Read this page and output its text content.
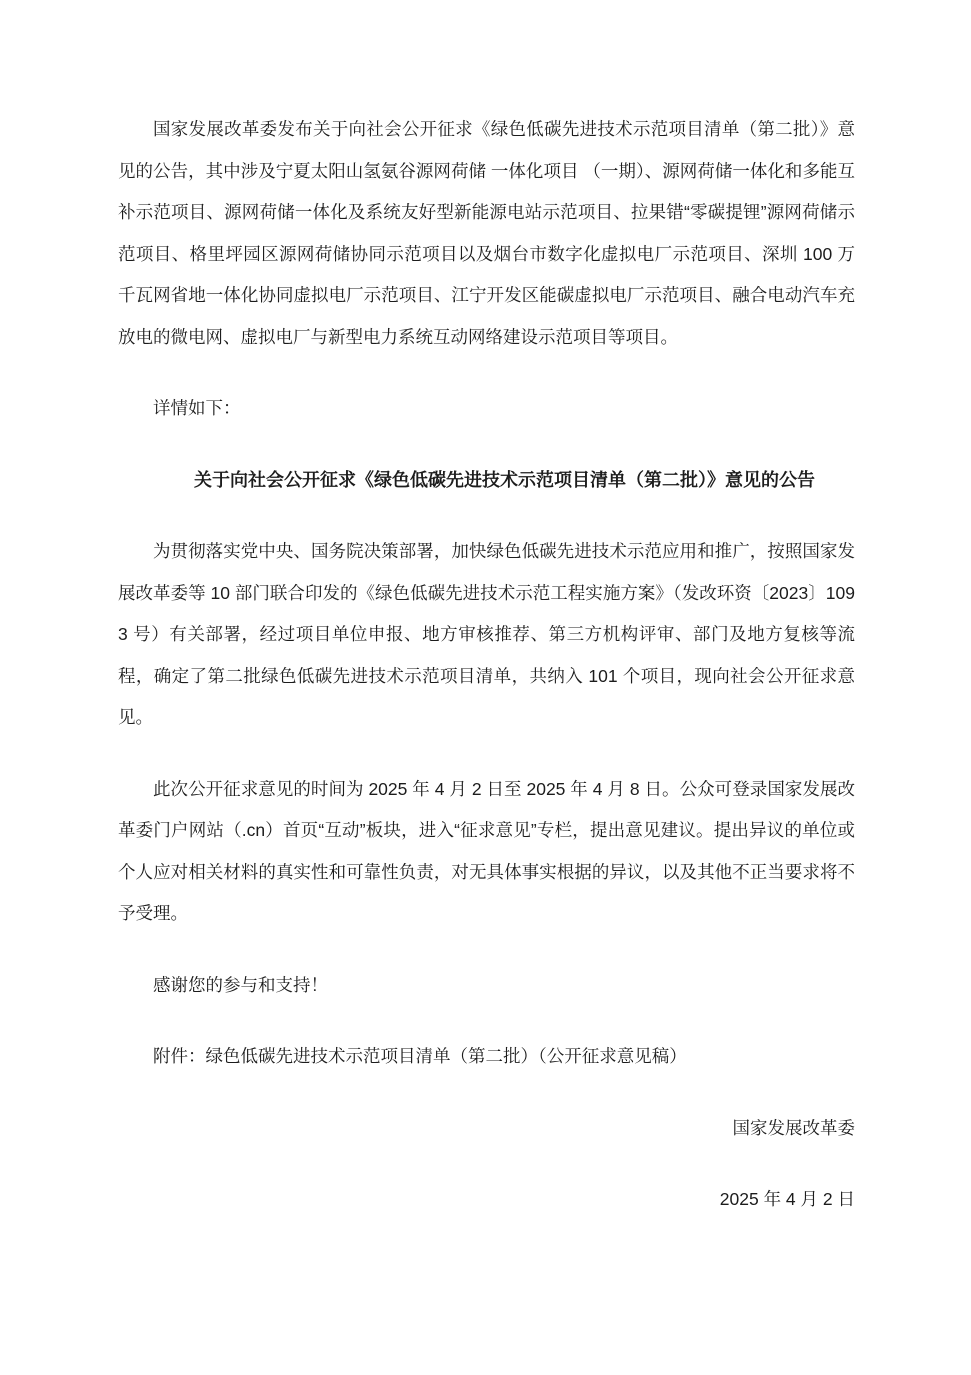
国家发展改革委发布关于向社会公开征求《绿色低碳先进技术示范项目清单（第二批）》意见的公告，其中涉及宁夏太阳山氢氨谷源网荷储 一体化项目 （一期）、源网荷储一体化和多能互补示范项目、源网荷储一体化及系统友好型新能源电站示范项目、拉果错“零碳提锂”源网荷储示范项目、格里坪园区源网荷储协同示范项目以及烟台市数字化虚拟电厂示范项目、深圳 100 万千瓦网省地一体化协同虚拟电厂示范项目、江宁开发区能碳虚拟电厂示范项目、融合电动汽车充放电的微电网、虚拟电厂与新型电力系统互动网络建设示范项目等项目。

详情如下：

关于向社会公开征求《绿色低碳先进技术示范项目清单（第二批）》意见的公告

为贯彻落实党中央、国务院决策部署，加快绿色低碳先进技术示范应用和推广，按照国家发展改革委等 10 部门联合印发的《绿色低碳先进技术示范工程实施方案》（发改环资〔2023〕1093 号）有关部署，经过项目单位申报、地方审核推荐、第三方机构评审、部门及地方复核等流程，确定了第二批绿色低碳先进技术示范项目清单，共纳入 101 个项目，现向社会公开征求意见。

此次公开征求意见的时间为 2025 年 4 月 2 日至 2025 年 4 月 8 日。公众可登录国家发展改革委门户网站（.cn）首页“互动”板块，进入“征求意见”专栏，提出意见建议。提出异议的单位或个人应对相关材料的真实性和可靠性负责，对无具体事实根据的异议，以及其他不正当要求将不予受理。

感谢您的参与和支持！

附件：绿色低碳先进技术示范项目清单（第二批）（公开征求意见稿）

国家发展改革委

2025 年 4 月 2 日
